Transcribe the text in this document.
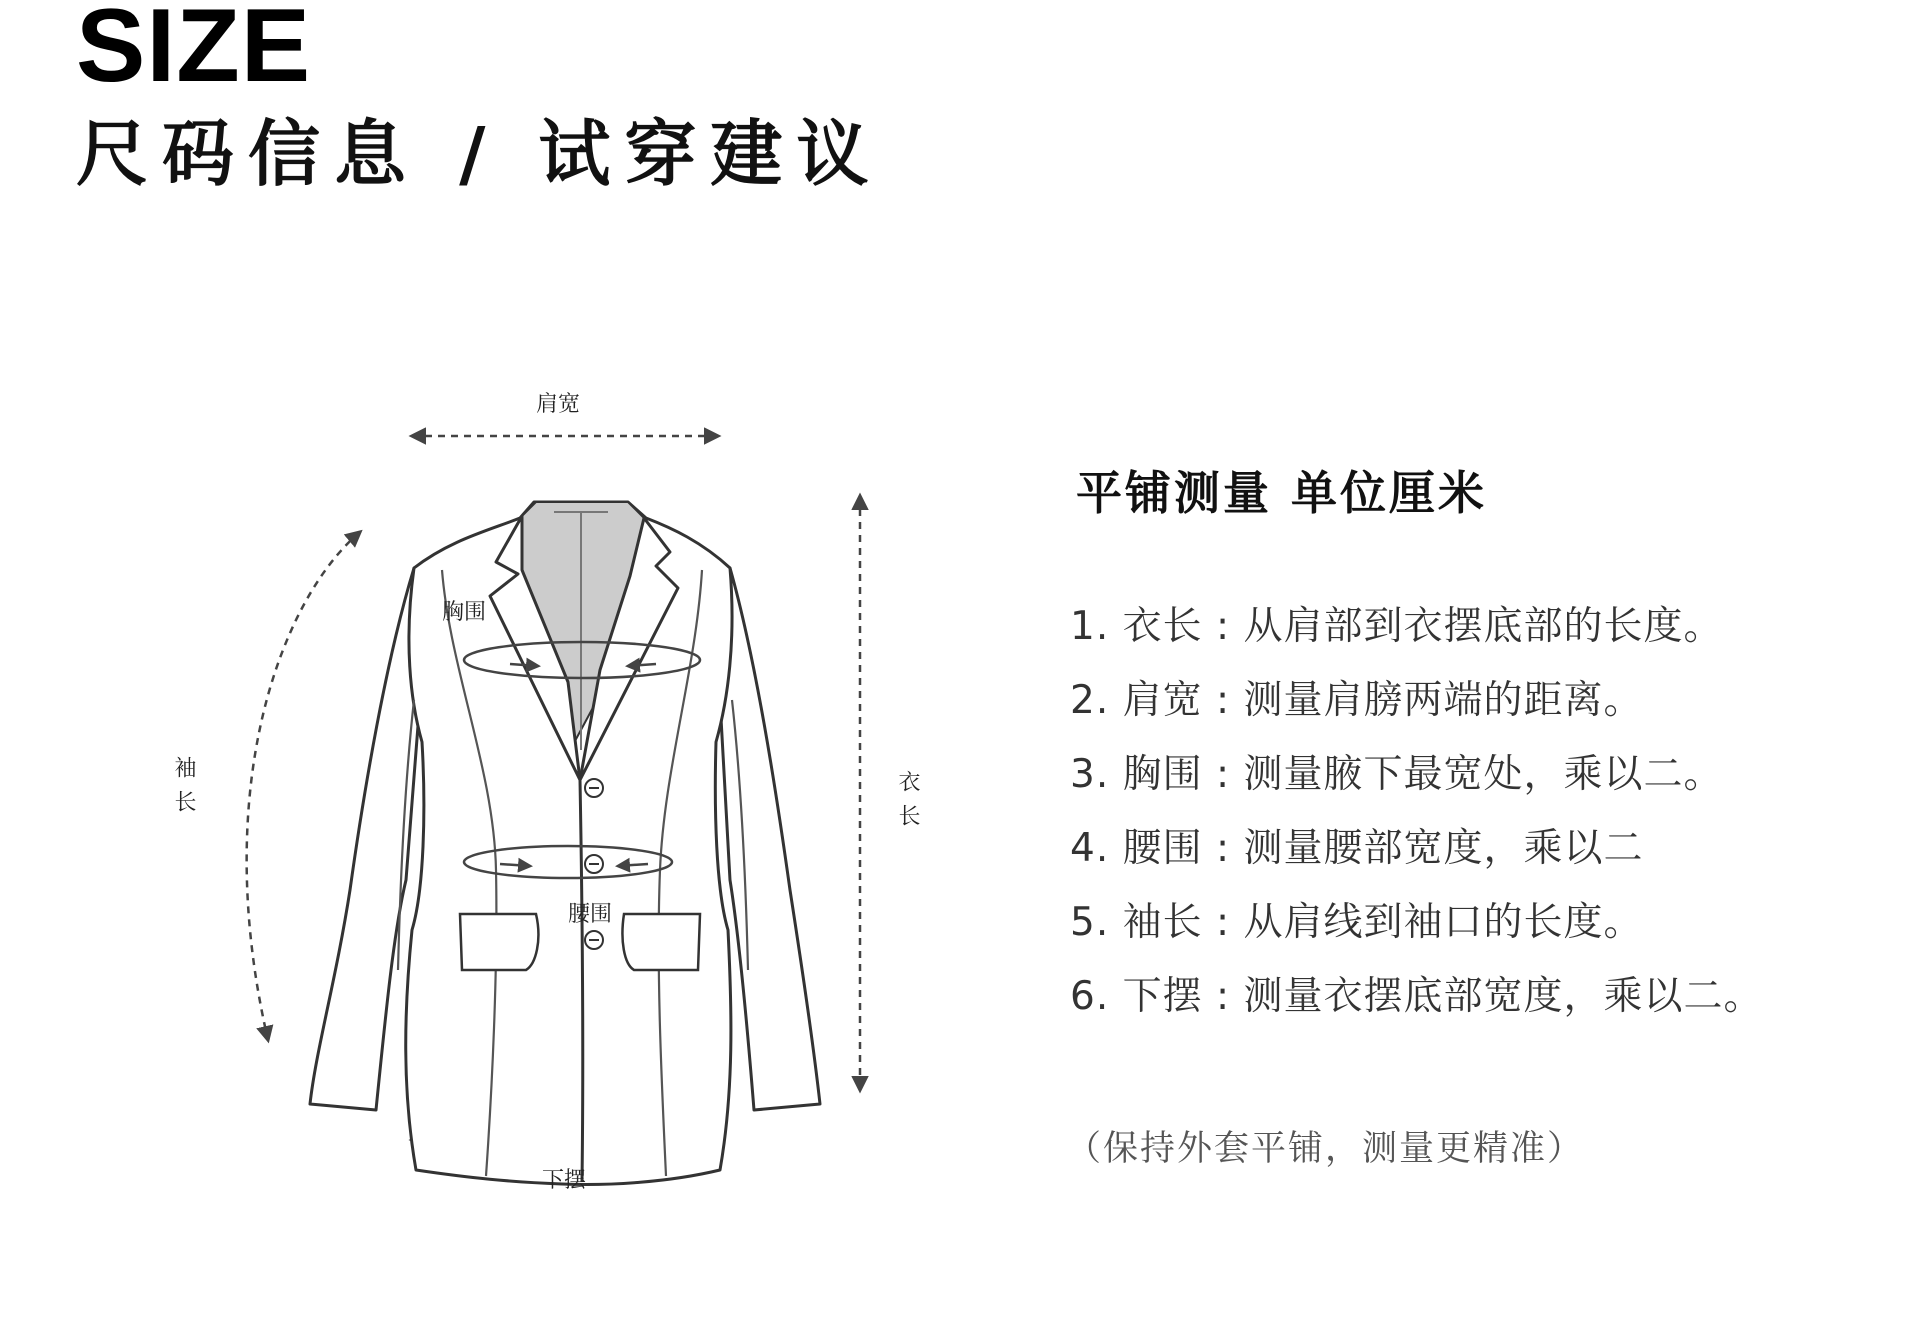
SIZE
尺码信息 / 试穿建议
肩宽
胸围
袖长	衣长
腰围
下摆
平铺测量 单位厘米
1. 衣长 : 从肩部到衣摆底部的长度。
2. 肩宽 : 测量肩膀两端的距离。
3. 胸围 : 测量腋下最宽处，乘以二。
4. 腰围 : 测量腰部宽度，乘以二
5. 袖长 : 从肩线到袖口的长度。
6. 下摆 : 测量衣摆底部宽度，乘以二。
（保持外套平铺，测量更精准）
